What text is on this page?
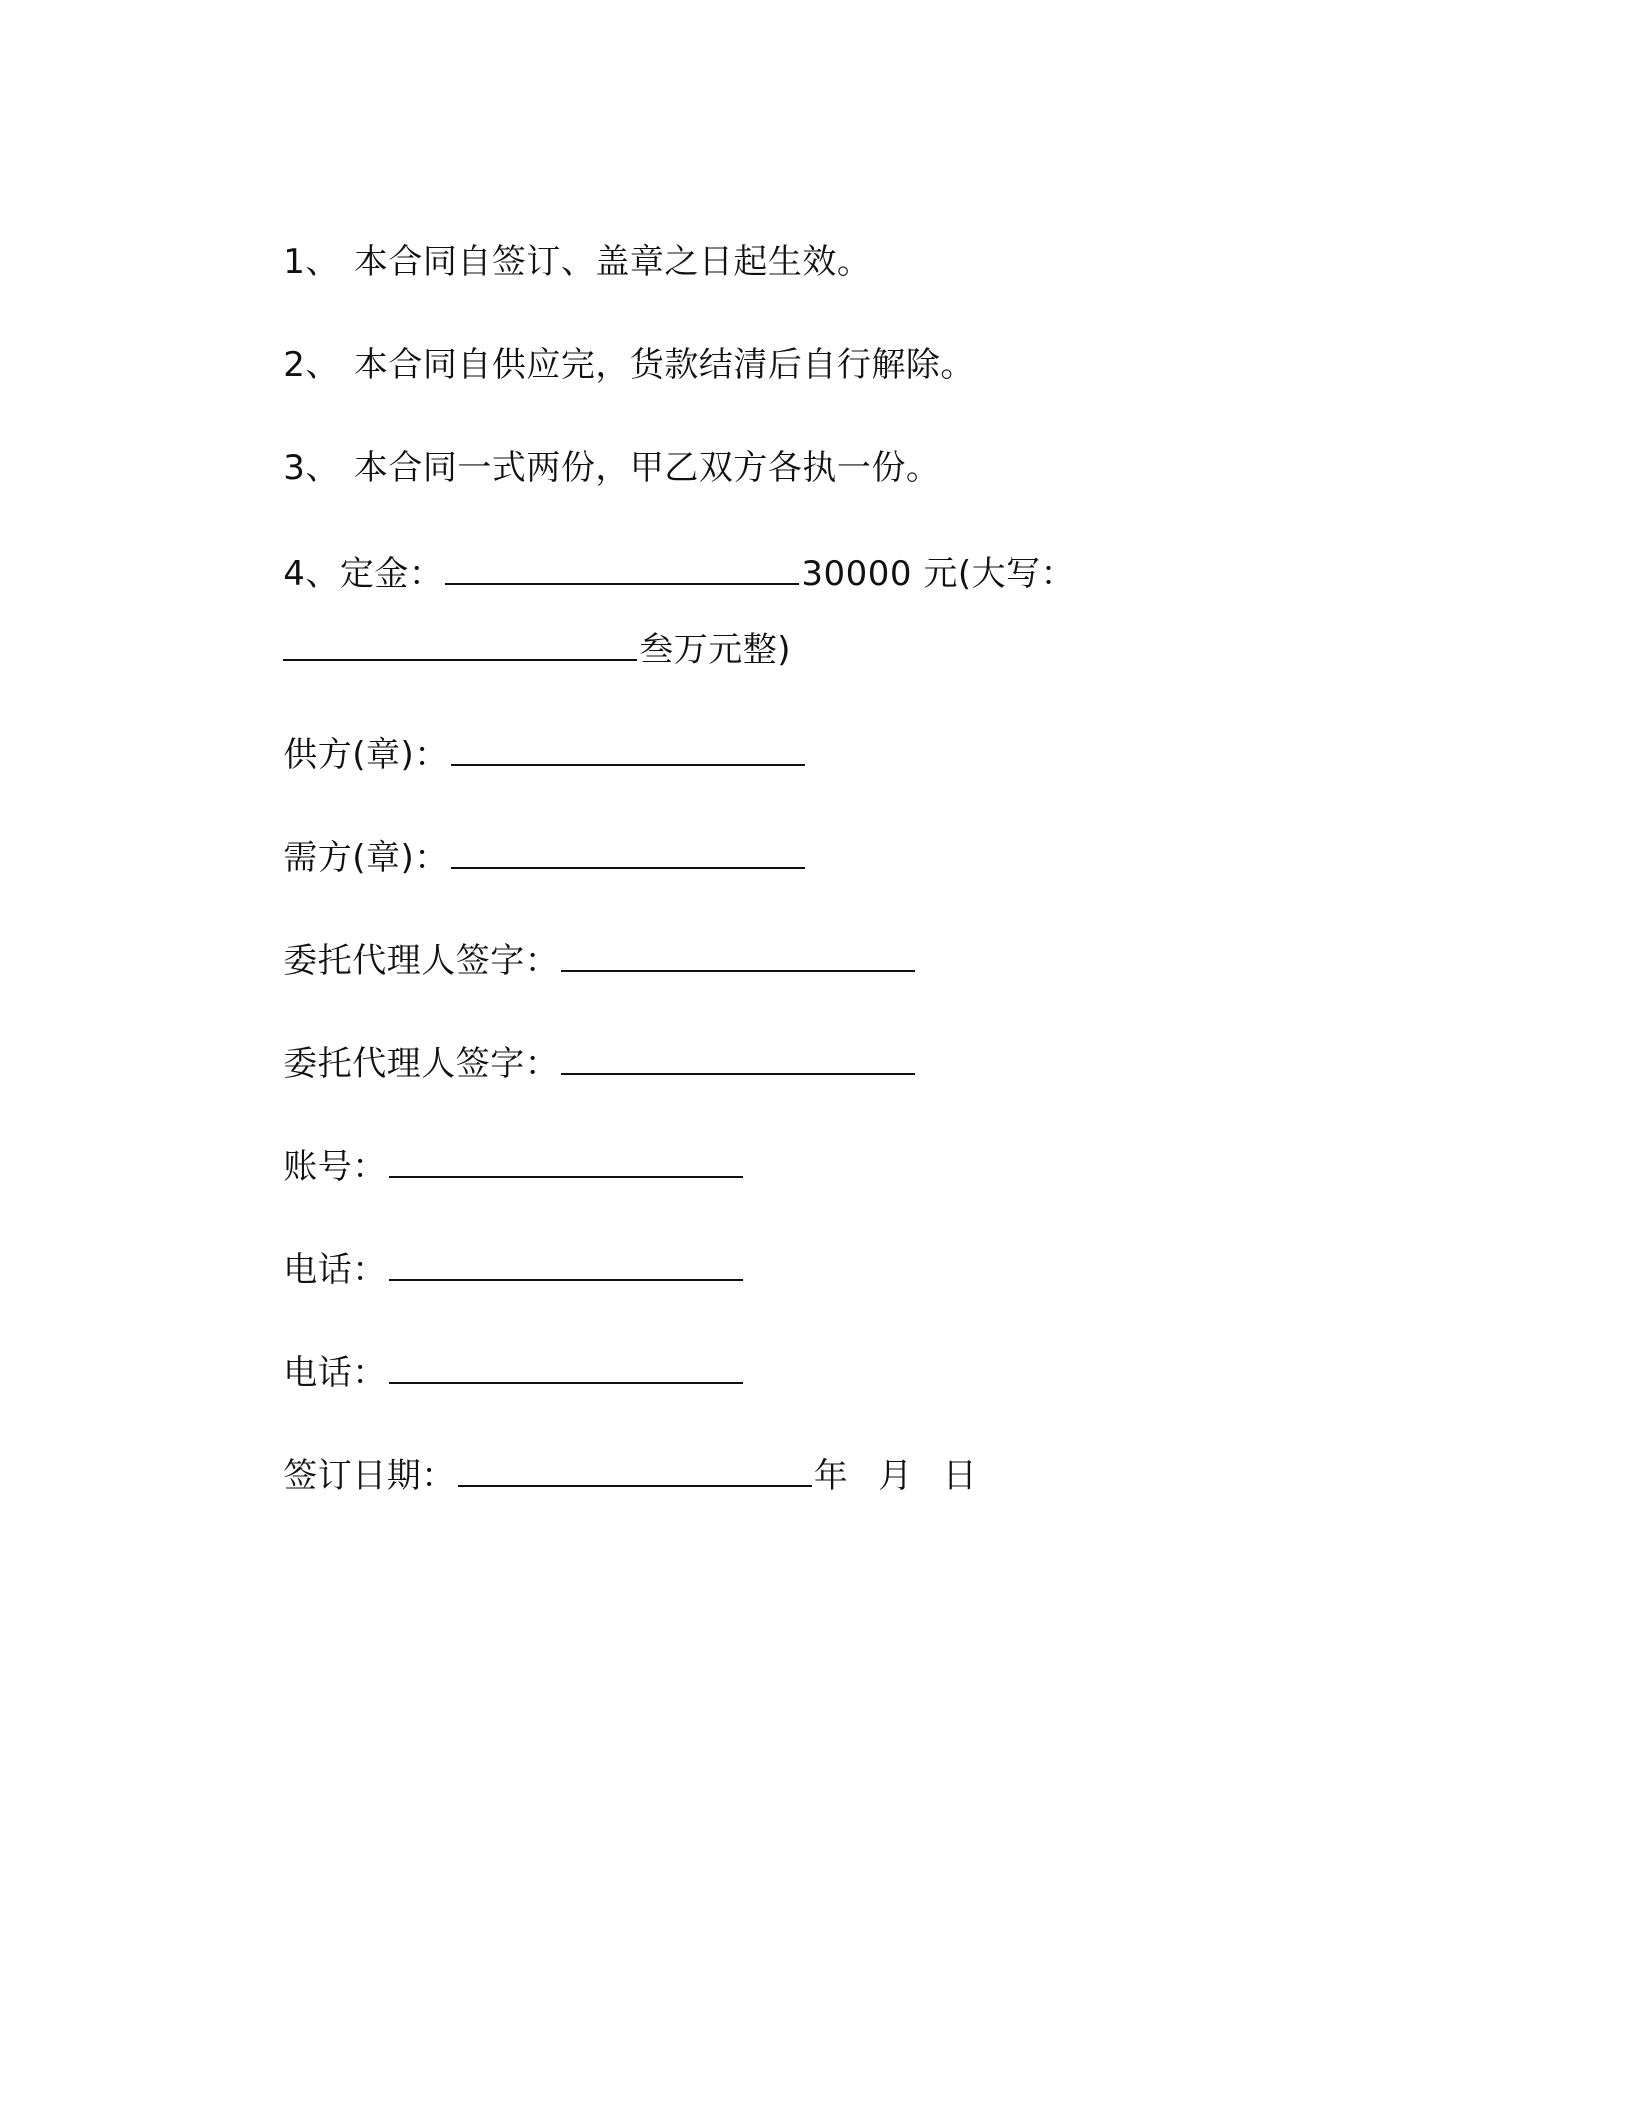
1、 本合同自签订、盖章之日起生效。

2、 本合同自供应完，货款结清后自行解除。

3、 本合同一式两份，甲乙双方各执一份。

4、定金：	30000 元(大写：

叁万元整)

供方(章)：

需方(章)：

委托代理人签字：

委托代理人签字：

账号：

电话：

电话：

签订日期：	年 月 日
